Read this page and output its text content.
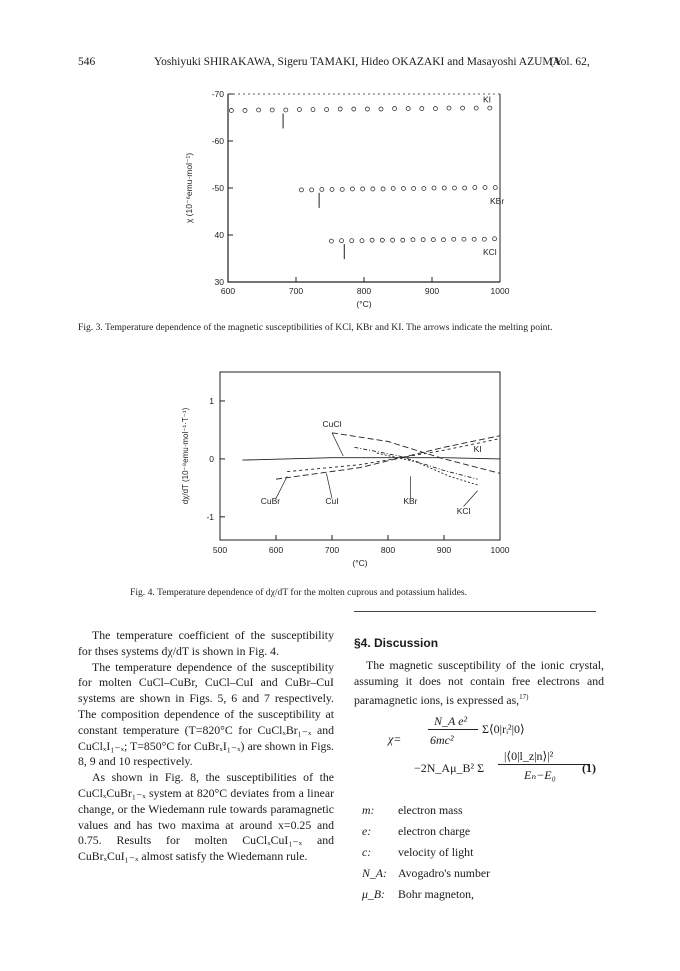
546	Yoshiyuki SHIRAKAWA, Sigeru TAMAKI, Hideo OKAZAKI and Masayoshi AZUMA
(Vol. 62,
-70
-60
-50
40
30
600	700	800	900	1000
(°C)
χ (10⁻⁶emu·mol⁻¹)
KI
KBr
KCl
Fig. 3. Temperature dependence of the magnetic susceptibilities of KCl, KBr and KI. The arrows indicate the melting point.
1
0
-1
500	600	700	800	900	1000
(°C)
dχ/dT (10⁻⁸emu·mol⁻¹·T⁻¹)	CuCl
KI
CuBr	CuI	KBr
KCl
Fig. 4. Temperature dependence of dχ/dT for the molten cuprous and potassium halides.

The temperature coefficient of the susceptibility for thses systems dχ/dT is shown in Fig. 4.

The temperature dependence of the susceptibility for molten CuCl–CuBr, CuCl–CuI and CuBr–CuI systems are shown in Figs. 5, 6 and 7 respectively. The composition dependence of the susceptibility at constant temperature (T=820°C for CuClₓBr₁₋ₓ and CuClₓI₁₋ₓ; T=850°C for CuBrₓI₁₋ₓ) are shown in Figs. 8, 9 and 10 respectively.

As shown in Fig. 8, the susceptibilities of the CuClₓCuBr₁₋ₓ system at 820°C deviates from a linear change, or the Wiedemann rule towards paramagnetic values and has two maxima at around x=0.25 and 0.75. Results for molten CuClₓCuI₁₋ₓ and CuBrₓCuI₁₋ₓ almost satisfy the Wiedemann rule.

§4. Discussion
The magnetic susceptibility of the ionic crystal, assuming it does not contain free electrons and paramagnetic ions, is expressed as,$^{17)}$
χ=
N_A e²
6mc²
Σ⟨0|rᵢ²|0⟩
−2N_Aμ_B² Σ
|⟨0|l_z|n⟩|²
Eₙ−E₀ (1)
m: electron mass
e: electron charge
c: velocity of light
N_A: Avogadro's number
μ_B: Bohr magneton,
